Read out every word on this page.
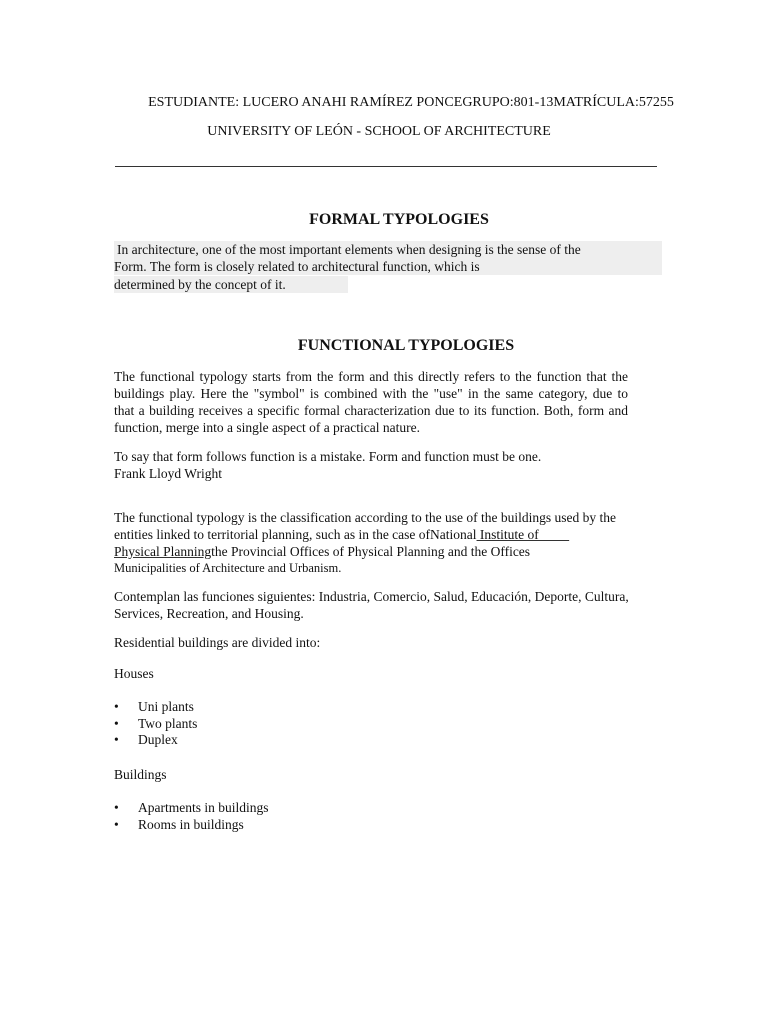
ESTUDIANTE: LUCERO ANAHI RAMÍREZ PONCEGRUPO:801-13MATRÍCULA:57255
UNIVERSITY OF LEÓN - SCHOOL OF ARCHITECTURE
FORMAL TYPOLOGIES
In architecture, one of the most important elements when designing is the sense of the
Form. The form is closely related to architectural function, which is
determined by the concept of it.
FUNCTIONAL TYPOLOGIES
The functional typology starts from the form and this directly refers to the function that the
buildings play. Here the "symbol" is combined with the "use" in the same category, due to
that a building receives a specific formal characterization due to its function. Both, form and
function, merge into a single aspect of a practical nature.
To say that form follows function is a mistake. Form and function must be one.
Frank Lloyd Wright
The functional typology is the classification according to the use of the buildings used by the
entities linked to territorial planning, such as in the case ofNational Institute of
Physical Planningthe Provincial Offices of Physical Planning and the Offices
Municipalities of Architecture and Urbanism.
Contemplan las funciones siguientes: Industria, Comercio, Salud, Educación, Deporte, Cultura,
Services, Recreation, and Housing.
Residential buildings are divided into:
Houses
• Uni plants
• Two plants
• Duplex
Buildings
• Apartments in buildings
• Rooms in buildings
